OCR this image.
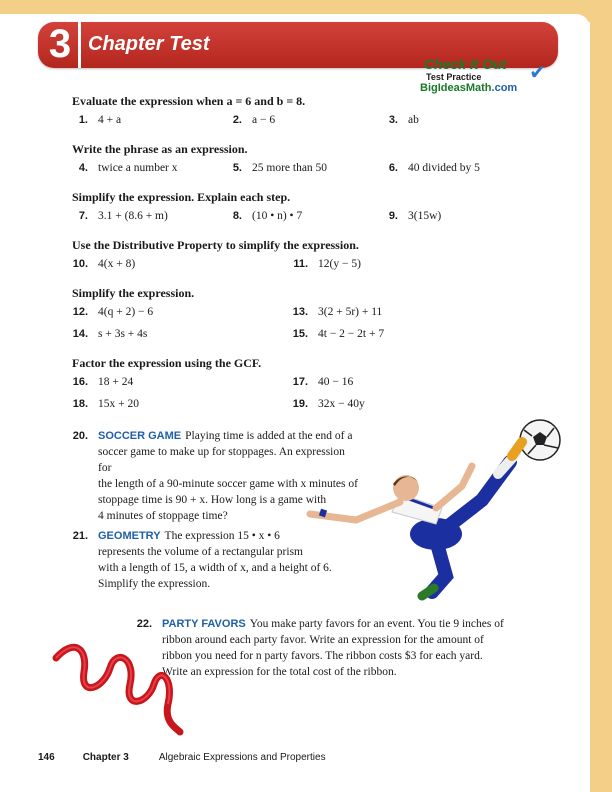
3 Chapter Test
Check It Out
Test Practice
BigIdeasMath.com
✔
Evaluate the expression when a = 6 and b = 8.
1. 4 + a	2. a − 6	3. ab
Write the phrase as an expression.
4. twice a number x	5. 25 more than 50	6. 40 divided by 5
Simplify the expression. Explain each step.
7. 3.1 + (8.6 + m)	8. (10 • n) • 7	9. 3(15w)
Use the Distributive Property to simplify the expression.
10. 4(x + 8)	11. 12(y − 5)
Simplify the expression.
12. 4(q + 2) − 6	13. 3(2 + 5r) + 11
14. s + 3s + 4s	15. 4t − 2 − 2t + 7
Factor the expression using the GCF.
16. 18 + 24	17. 40 − 16
18. 15x + 20	19. 32x − 40y
20. SOCCER GAME Playing time is added at the end of a
soccer game to make up for stoppages. An expression for
the length of a 90-minute soccer game with x minutes of
stoppage time is 90 + x. How long is a game with
4 minutes of stoppage time?
21. GEOMETRY The expression 15 • x • 6
represents the volume of a rectangular prism
with a length of 15, a width of x, and a height of 6.
Simplify the expression.
22. PARTY FAVORS You make party favors for an event. You tie 9 inches of
ribbon around each party favor. Write an expression for the amount of
ribbon you need for n party favors. The ribbon costs $3 for each yard.
Write an expression for the total cost of the ribbon.
146	Chapter 3	Algebraic Expressions and Properties
